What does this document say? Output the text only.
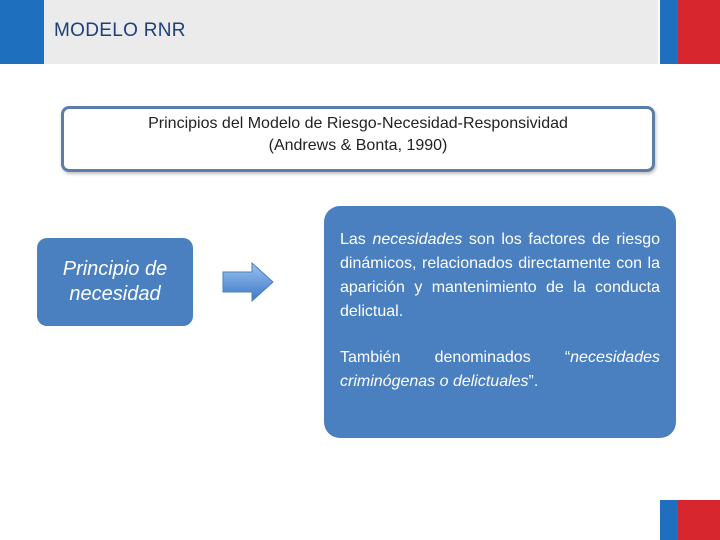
MODELO RNR
Principios del Modelo de Riesgo-Necesidad-Responsividad
(Andrews & Bonta, 1990)
Principio de
necesidad

Las necesidades son los factores de riesgo dinámicos, relacionados directamente con la aparición y mantenimiento de la conducta delictual.

También denominados “necesidades criminógenas o delictuales”.
